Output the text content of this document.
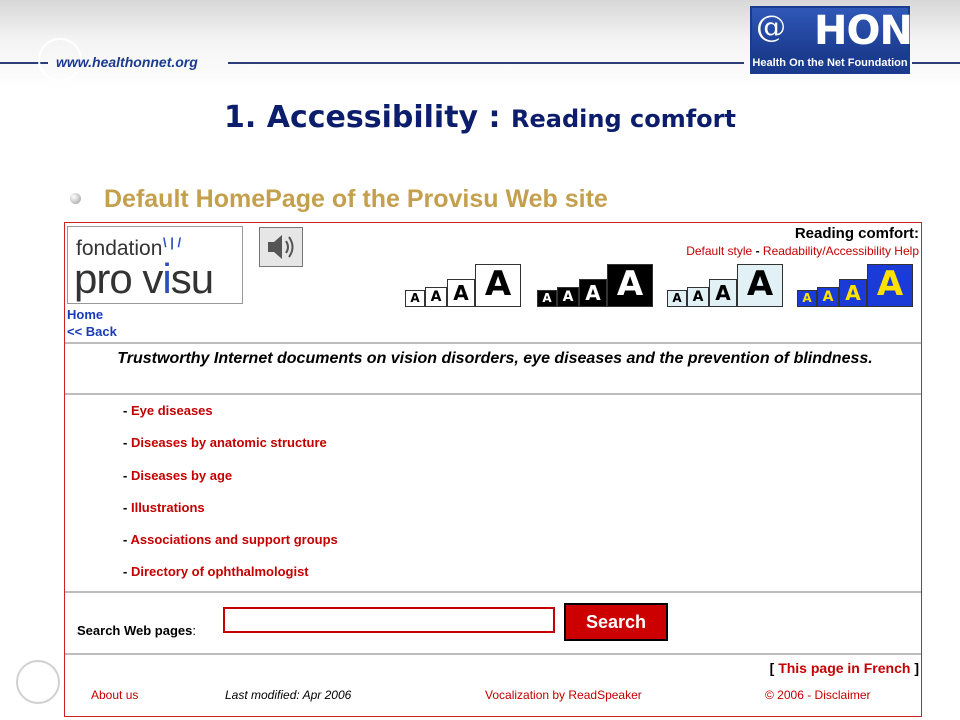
www.healthonnet.org
@ HON
Health On the Net Foundation
1. Accessibility : Reading comfort
Default HomePage of the Provisu Web site
fondation \ | /
pro visu
Reading comfort:
Default style - Readability/Accessibility Help
A A A A	A A A A	A A A A	A A A A
Home
<< Back
Trustworthy Internet documents on vision disorders, eye diseases and the prevention of blindness.
- Eye diseases
- Diseases by anatomic structure
- Diseases by age
- Illustrations
- Associations and support groups
- Directory of ophthalmologist
Search Web pages:	Search
[ This page in French ]
About us	Last modified: Apr 2006	Vocalization by ReadSpeaker	© 2006 - Disclaimer
